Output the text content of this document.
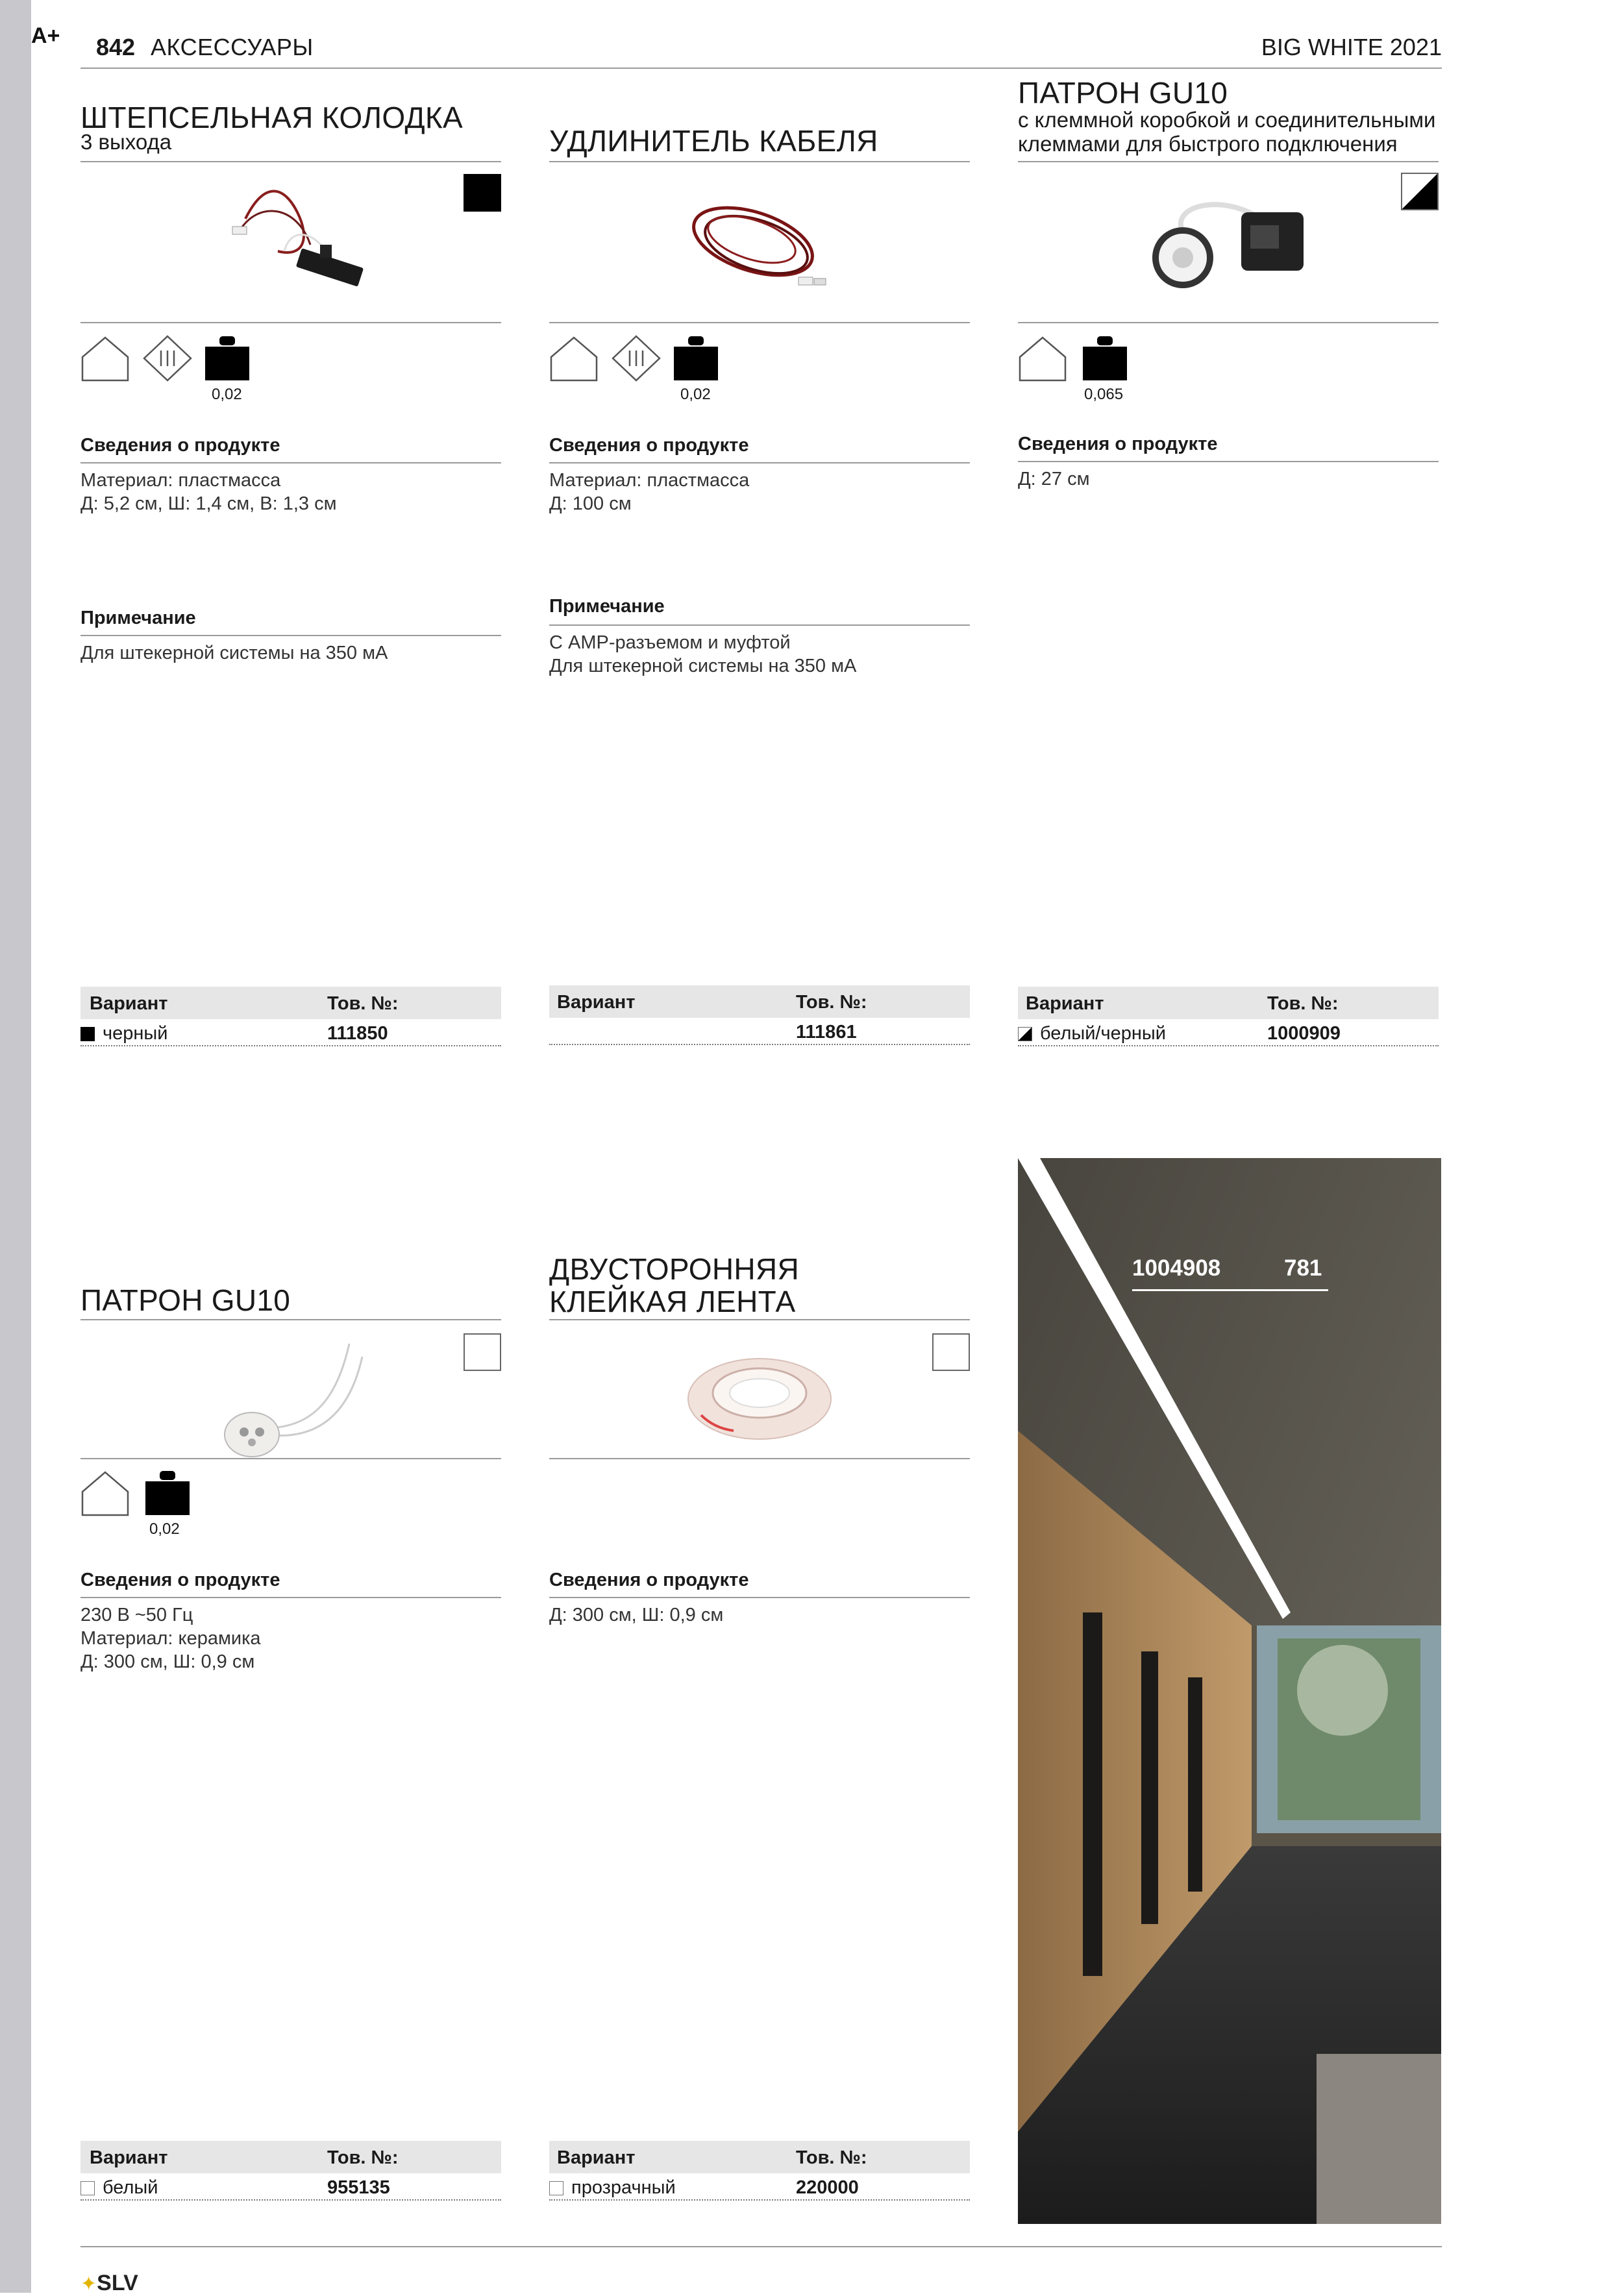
A+ 842 АКСЕССУАРЫ	BIG WHITE 2021
ШТЕПСЕЛЬНАЯ КОЛОДКА
3 выхода
0,02
Сведения о продукте
Материал: пластмасса
Д: 5,2 см, Ш: 1,4 см, В: 1,3 см
Примечание
Для штекерной системы на 350 мА
Вариант	Тов. №:
черный	111850
УДЛИНИТЕЛЬ КАБЕЛЯ
0,02
Сведения о продукте
Материал: пластмасса
Д: 100 см
Примечание
С AMP-разъемом и муфтой
Для штекерной системы на 350 мА
Вариант	Тов. №:
111861
ПАТРОН GU10
с клеммной коробкой и соединительными клеммами для быстрого подключения
0,065
Сведения о продукте
Д: 27 см
Вариант	Тов. №:
белый/черный	1000909
ПАТРОН GU10
0,02
Сведения о продукте
230 В ~50 Гц
Материал: керамика
Д: 300 см, Ш: 0,9 см
Вариант	Тов. №:
белый	955135
ДВУСТОРОННЯЯ
КЛЕЙКАЯ ЛЕНТА
Сведения о продукте
Д: 300 см, Ш: 0,9 см
Вариант	Тов. №:
прозрачный	220000
1004908	781
✦SLV
